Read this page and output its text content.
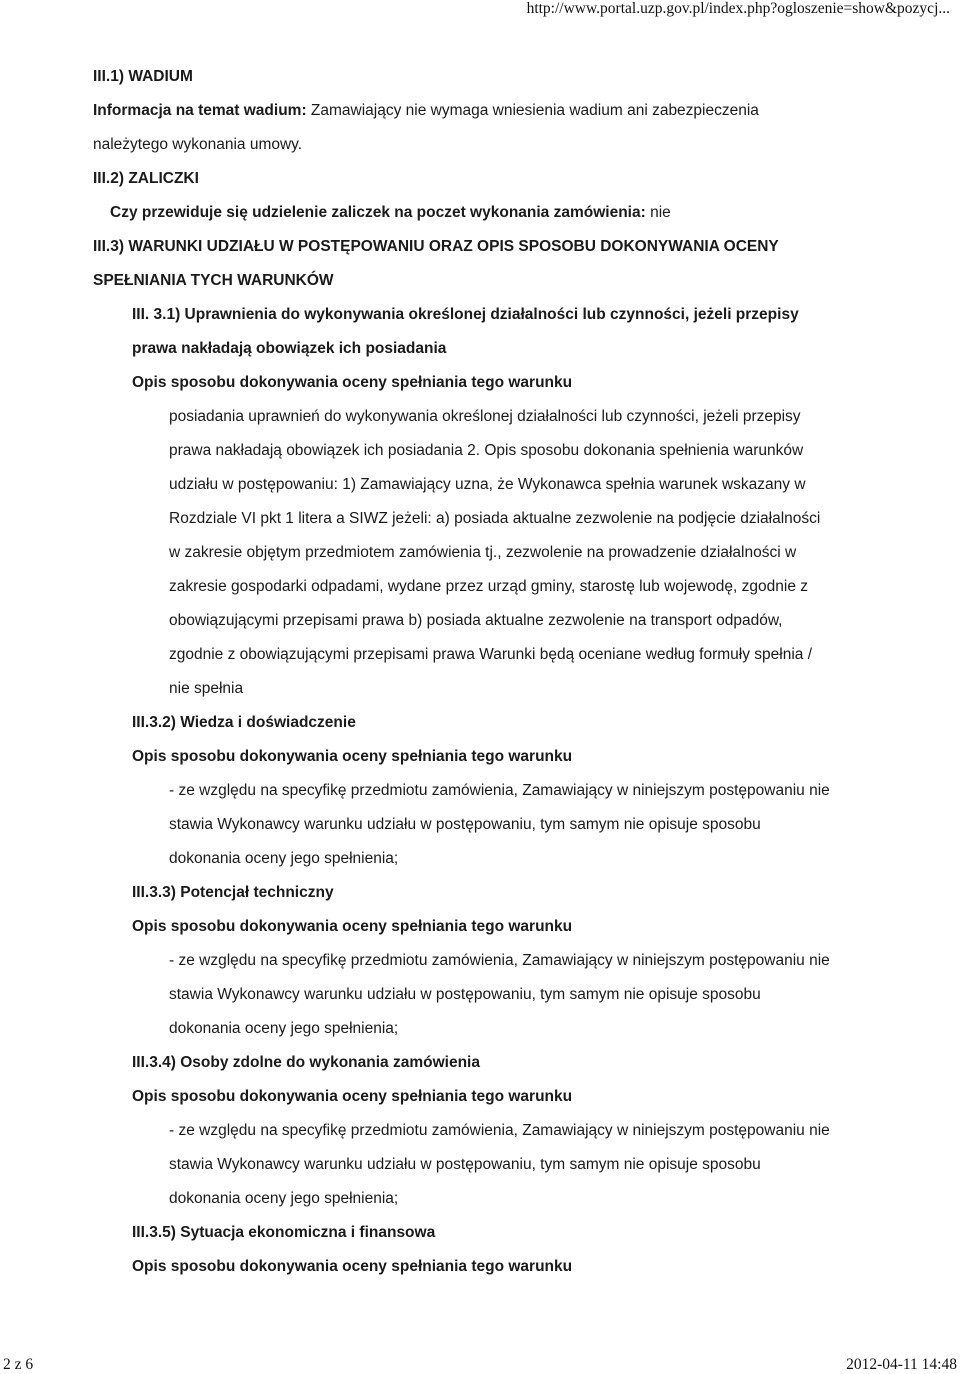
http://www.portal.uzp.gov.pl/index.php?ogloszenie=show&pozycj...
III.1) WADIUM
Informacja na temat wadium: Zamawiający nie wymaga wniesienia wadium ani zabezpieczenia
należytego wykonania umowy.
III.2) ZALICZKI
Czy przewiduje się udzielenie zaliczek na poczet wykonania zamówienia: nie
III.3) WARUNKI UDZIAŁU W POSTĘPOWANIU ORAZ OPIS SPOSOBU DOKONYWANIA OCENY
SPEŁNIANIA TYCH WARUNKÓW
III. 3.1) Uprawnienia do wykonywania określonej działalności lub czynności, jeżeli przepisy
prawa nakładają obowiązek ich posiadania
Opis sposobu dokonywania oceny spełniania tego warunku
posiadania uprawnień do wykonywania określonej działalności lub czynności, jeżeli przepisy
prawa nakładają obowiązek ich posiadania 2. Opis sposobu dokonania spełnienia warunków
udziału w postępowaniu: 1) Zamawiający uzna, że Wykonawca spełnia warunek wskazany w
Rozdziale VI pkt 1 litera a SIWZ jeżeli: a) posiada aktualne zezwolenie na podjęcie działalności
w zakresie objętym przedmiotem zamówienia tj., zezwolenie na prowadzenie działalności w
zakresie gospodarki odpadami, wydane przez urząd gminy, starostę lub wojewodę, zgodnie z
obowiązującymi przepisami prawa b) posiada aktualne zezwolenie na transport odpadów,
zgodnie z obowiązującymi przepisami prawa Warunki będą oceniane według formuły spełnia /
nie spełnia
III.3.2) Wiedza i doświadczenie
Opis sposobu dokonywania oceny spełniania tego warunku
- ze względu na specyfikę przedmiotu zamówienia, Zamawiający w niniejszym postępowaniu nie
stawia Wykonawcy warunku udziału w postępowaniu, tym samym nie opisuje sposobu
dokonania oceny jego spełnienia;
III.3.3) Potencjał techniczny
Opis sposobu dokonywania oceny spełniania tego warunku
- ze względu na specyfikę przedmiotu zamówienia, Zamawiający w niniejszym postępowaniu nie
stawia Wykonawcy warunku udziału w postępowaniu, tym samym nie opisuje sposobu
dokonania oceny jego spełnienia;
III.3.4) Osoby zdolne do wykonania zamówienia
Opis sposobu dokonywania oceny spełniania tego warunku
- ze względu na specyfikę przedmiotu zamówienia, Zamawiający w niniejszym postępowaniu nie
stawia Wykonawcy warunku udziału w postępowaniu, tym samym nie opisuje sposobu
dokonania oceny jego spełnienia;
III.3.5) Sytuacja ekonomiczna i finansowa
Opis sposobu dokonywania oceny spełniania tego warunku
2 z 6	2012-04-11 14:48
